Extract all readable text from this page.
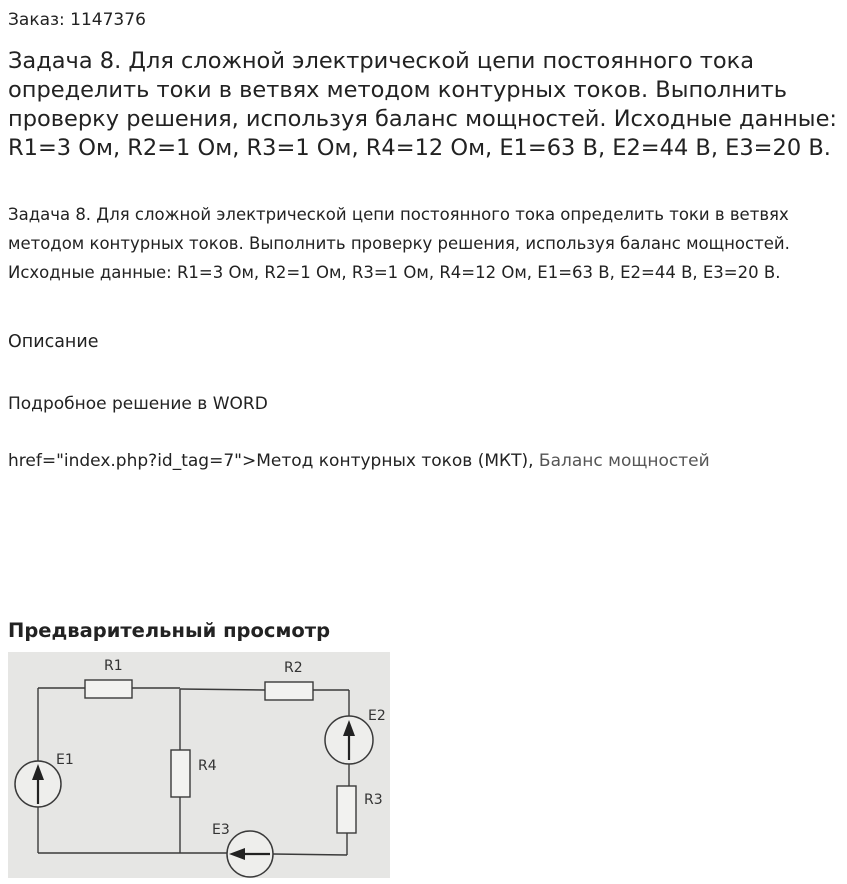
Заказ: 1147376
Задача 8. Для сложной электрической цепи постоянного тока определить токи в ветвях методом контурных токов. Выполнить проверку решения, используя баланс мощностей. Исходные данные: R1=3 Ом, R2=1 Ом, R3=1 Ом, R4=12 Ом, E1=63 В, E2=44 В, E3=20 В.

Задача 8. Для сложной электрической цепи постоянного тока определить токи в ветвях методом контурных токов. Выполнить проверку решения, используя баланс мощностей. Исходные данные: R1=3 Ом, R2=1 Ом, R3=1 Ом, R4=12 Ом, E1=63 В, E2=44 В, E3=20 В.

Описание
Подробное решение в WORD
href="index.php?id_tag=7">Метод контурных токов (МКТ), Баланс мощностей
Предварительный просмотр
R1	R2
R4
R3
E1
E2
E3
